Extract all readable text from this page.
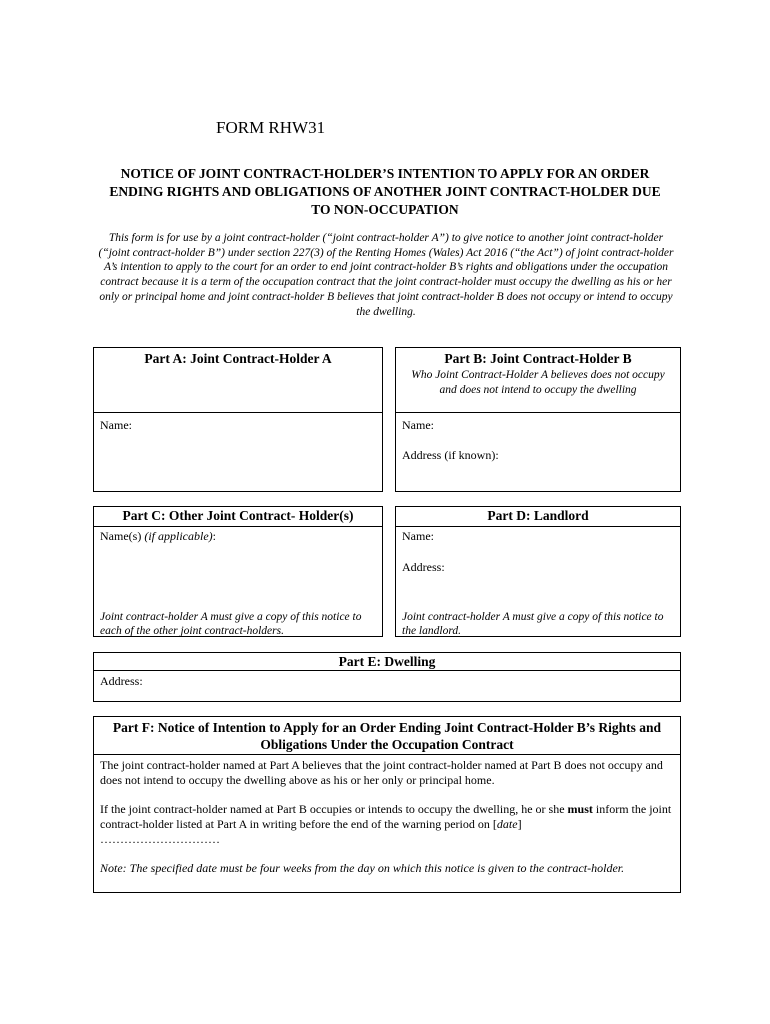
FORM RHW31
NOTICE OF JOINT CONTRACT-HOLDER’S INTENTION TO APPLY FOR AN ORDER ENDING RIGHTS AND OBLIGATIONS OF ANOTHER JOINT CONTRACT-HOLDER DUE TO NON-OCCUPATION
This form is for use by a joint contract-holder (“joint contract-holder A”) to give notice to another joint contract-holder (“joint contract-holder B”) under section 227(3) of the Renting Homes (Wales) Act 2016 (“the Act”) of joint contract-holder A’s intention to apply to the court for an order to end joint contract-holder B’s rights and obligations under the occupation contract because it is a term of the occupation contract that the joint contract-holder must occupy the dwelling as his or her only or principal home and joint contract-holder B believes that joint contract-holder B does not occupy or intend to occupy the dwelling.
Part A: Joint Contract-Holder A
Name:
Part B: Joint Contract-Holder B
Who Joint Contract-Holder A believes does not occupy and does not intend to occupy the dwelling
Name:
Address (if known):
Part C: Other Joint Contract- Holder(s)
Name(s) (if applicable):
Joint contract-holder A must give a copy of this notice to each of the other joint contract-holders.
Part D: Landlord
Name:
Address:
Joint contract-holder A must give a copy of this notice to the landlord.
Part E: Dwelling
Address:
Part F: Notice of Intention to Apply for an Order Ending Joint Contract-Holder B’s Rights and Obligations Under the Occupation Contract
The joint contract-holder named at Part A believes that the joint contract-holder named at Part B does not occupy and does not intend to occupy the dwelling above as his or her only or principal home.
If the joint contract-holder named at Part B occupies or intends to occupy the dwelling, he or she must inform the joint contract-holder listed at Part A in writing before the end of the warning period on [date]
…………………………
Note: The specified date must be four weeks from the day on which this notice is given to the contract-holder.
